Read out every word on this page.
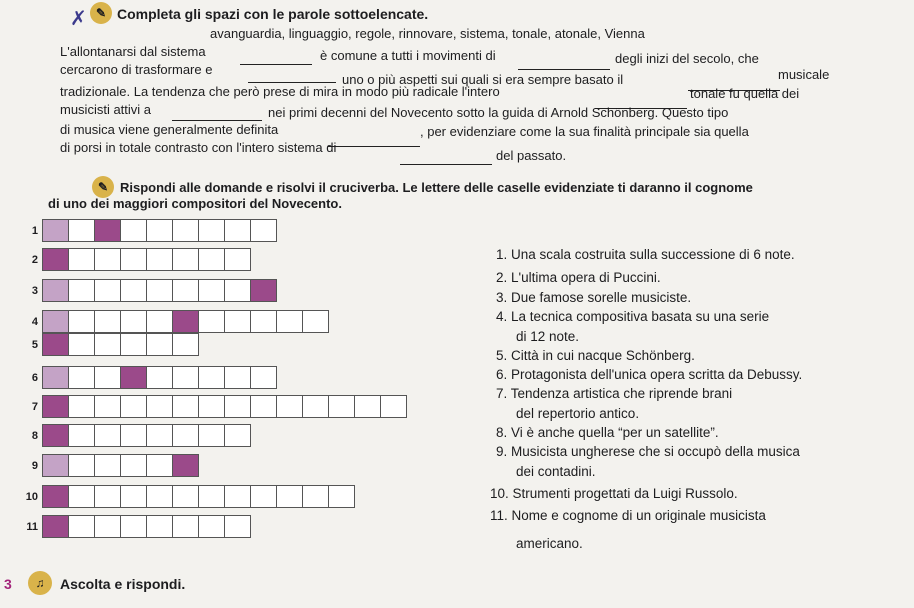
✗ ✎ Completa gli spazi con le parole sottoelencate.
avanguardia, linguaggio, regole, rinnovare, sistema, tonale, atonale, Vienna
L'allontanarsi dal sistema	è comune a tutti i movimenti di	degli inizi del secolo, che
cercarono di trasformare e
uno o più aspetti sui quali si era sempre basato il	musicale
tradizionale. La tendenza che però prese di mira in modo più radicale l'intero	tonale fu quella dei
musicisti attivi a	nei primi decenni del Novecento sotto la guida di Arnold Schönberg. Questo tipo
di musica viene generalmente definita	, per evidenziare come la sua finalità principale sia quella
di porsi in totale contrasto con l'intero sistema di
del passato.
✎ Rispondi alle domande e risolvi il cruciverba. Le lettere delle caselle evidenziate ti daranno il cognome
di uno dei maggiori compositori del Novecento.
1
2
3
4
5
6
7
8
9
10
11
1. Una scala costruita sulla successione di 6 note.
2. L'ultima opera di Puccini.
3. Due famose sorelle musiciste.
4. La tecnica compositiva basata su una serie
di 12 note.
5. Città in cui nacque Schönberg.
6. Protagonista dell'unica opera scritta da Debussy.
7. Tendenza artistica che riprende brani
del repertorio antico.
8. Vi è anche quella “per un satellite”.
9. Musicista ungherese che si occupò della musica
dei contadini.
10. Strumenti progettati da Luigi Russolo.
11. Nome e cognome di un originale musicista
americano.
3	♫	Ascolta e rispondi.
